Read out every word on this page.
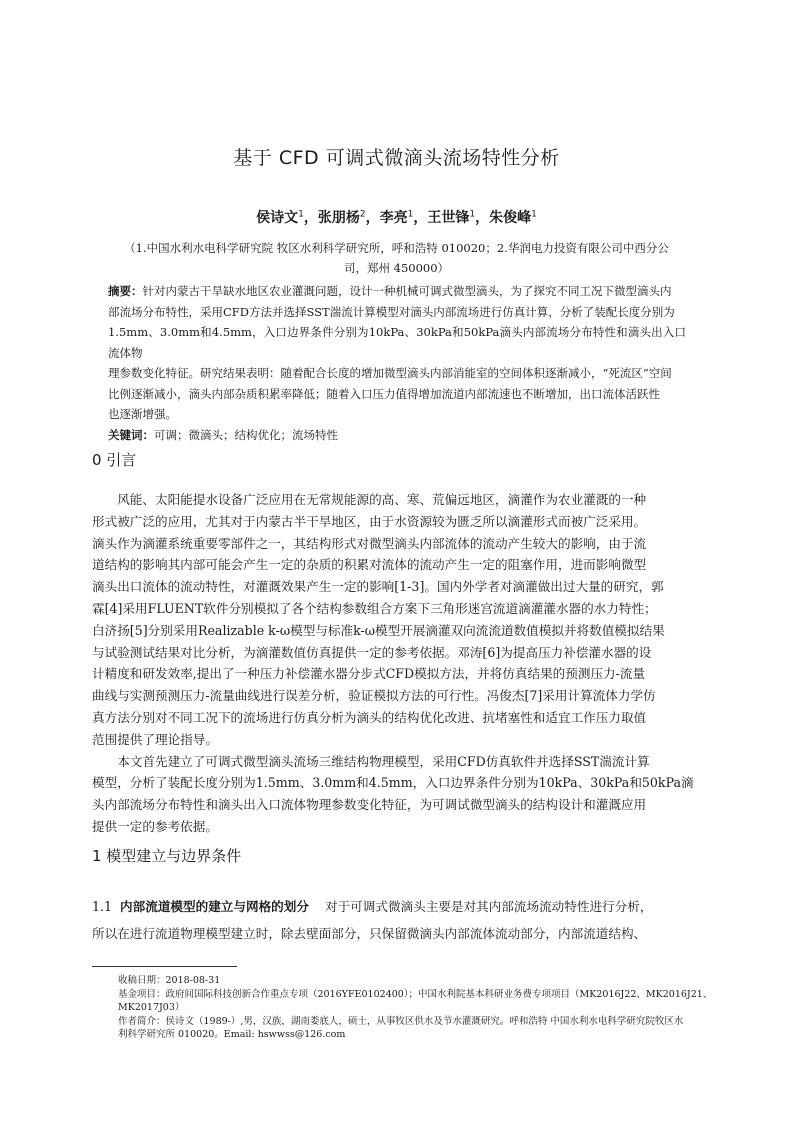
基于 CFD 可调式微滴头流场特性分析
侯诗文$^1$，张朋杨$^2$，李亮$^1$，王世锋$^1$，朱俊峰$^1$
（1.中国水利水电科学研究院 牧区水利科学研究所，呼和浩特 010020；2.华润电力投资有限公司中西分公
司，郑州 450000）
摘要：针对内蒙古干旱缺水地区农业灌溉问题，设计一种机械可调式微型滴头，为了探究不同工况下微型滴头内
部流场分布特性，采用CFD方法并选择SST湍流计算模型对滴头内部流场进行仿真计算，分析了装配长度分别为
1.5mm、3.0mm和4.5mm，入口边界条件分别为10kPa、30kPa和50kPa滴头内部流场分布特性和滴头出入口流体物
理参数变化特征。研究结果表明：随着配合长度的增加微型滴头内部消能室的空间体积逐渐减小，“死流区”空间
比例逐渐减小，滴头内部杂质积累率降低；随着入口压力值得增加流道内部流速也不断增加，出口流体活跃性
也逐渐增强。
关键词：可调；微滴头；结构优化；流场特性
0 引言
风能、太阳能提水设备广泛应用在无常规能源的高、寒、荒偏远地区，滴灌作为农业灌溉的一种
形式被广泛的应用，尤其对于内蒙古半干旱地区，由于水资源较为匮乏所以滴灌形式而被广泛采用。
滴头作为滴灌系统重要零部件之一，其结构形式对微型滴头内部流体的流动产生较大的影响，由于流
道结构的影响其内部可能会产生一定的杂质的积累对流体的流动产生一定的阻塞作用，进而影响微型
滴头出口流体的流动特性，对灌溉效果产生一定的影响[1-3]。国内外学者对滴灌做出过大量的研究，郭
霖[4]采用FLUENT软件分别模拟了各个结构参数组合方案下三角形迷宫流道滴灌灌水器的水力特性；
白济扬[5]分别采用Realizable k-ω模型与标准k-ω模型开展滴灌双向流流道数值模拟并将数值模拟结果
与试验测试结果对比分析，为滴灌数值仿真提供一定的参考依据。邓涛[6]为提高压力补偿灌水器的设
计精度和研发效率,提出了一种压力补偿灌水器分步式CFD模拟方法，并将仿真结果的预测压力-流量
曲线与实测预测压力-流量曲线进行误差分析，验证模拟方法的可行性。冯俊杰[7]采用计算流体力学仿
真方法分别对不同工况下的流场进行仿真分析为滴头的结构优化改进、抗堵塞性和适宜工作压力取值
范围提供了理论指导。
本文首先建立了可调式微型滴头流场三维结构物理模型，采用CFD仿真软件并选择SST湍流计算
模型，分析了装配长度分别为1.5mm、3.0mm和4.5mm，入口边界条件分别为10kPa、30kPa和50kPa滴
头内部流场分布特性和滴头出入口流体物理参数变化特征，为可调试微型滴头的结构设计和灌溉应用
提供一定的参考依据。
1 模型建立与边界条件
1.1 内部流道模型的建立与网格的划分 对于可调式微滴头主要是对其内部流场流动特性进行分析，
所以在进行流道物理模型建立时，除去壁面部分，只保留微滴头内部流体流动部分，内部流道结构、
收稿日期：2018-08-31
基金项目：政府间国际科技创新合作重点专项（2016YFE0102400）；中国水利院基本科研业务费专项项目（MK2016J22、MK2016J21、
MK2017J03）
作者简介：侯诗文（1989-）,男，汉族，湖南娄底人，硕士，从事牧区供水及节水灌溉研究。呼和浩特 中国水利水电科学研究院牧区水
利科学研究所 010020。Email: hswwss@126.com
